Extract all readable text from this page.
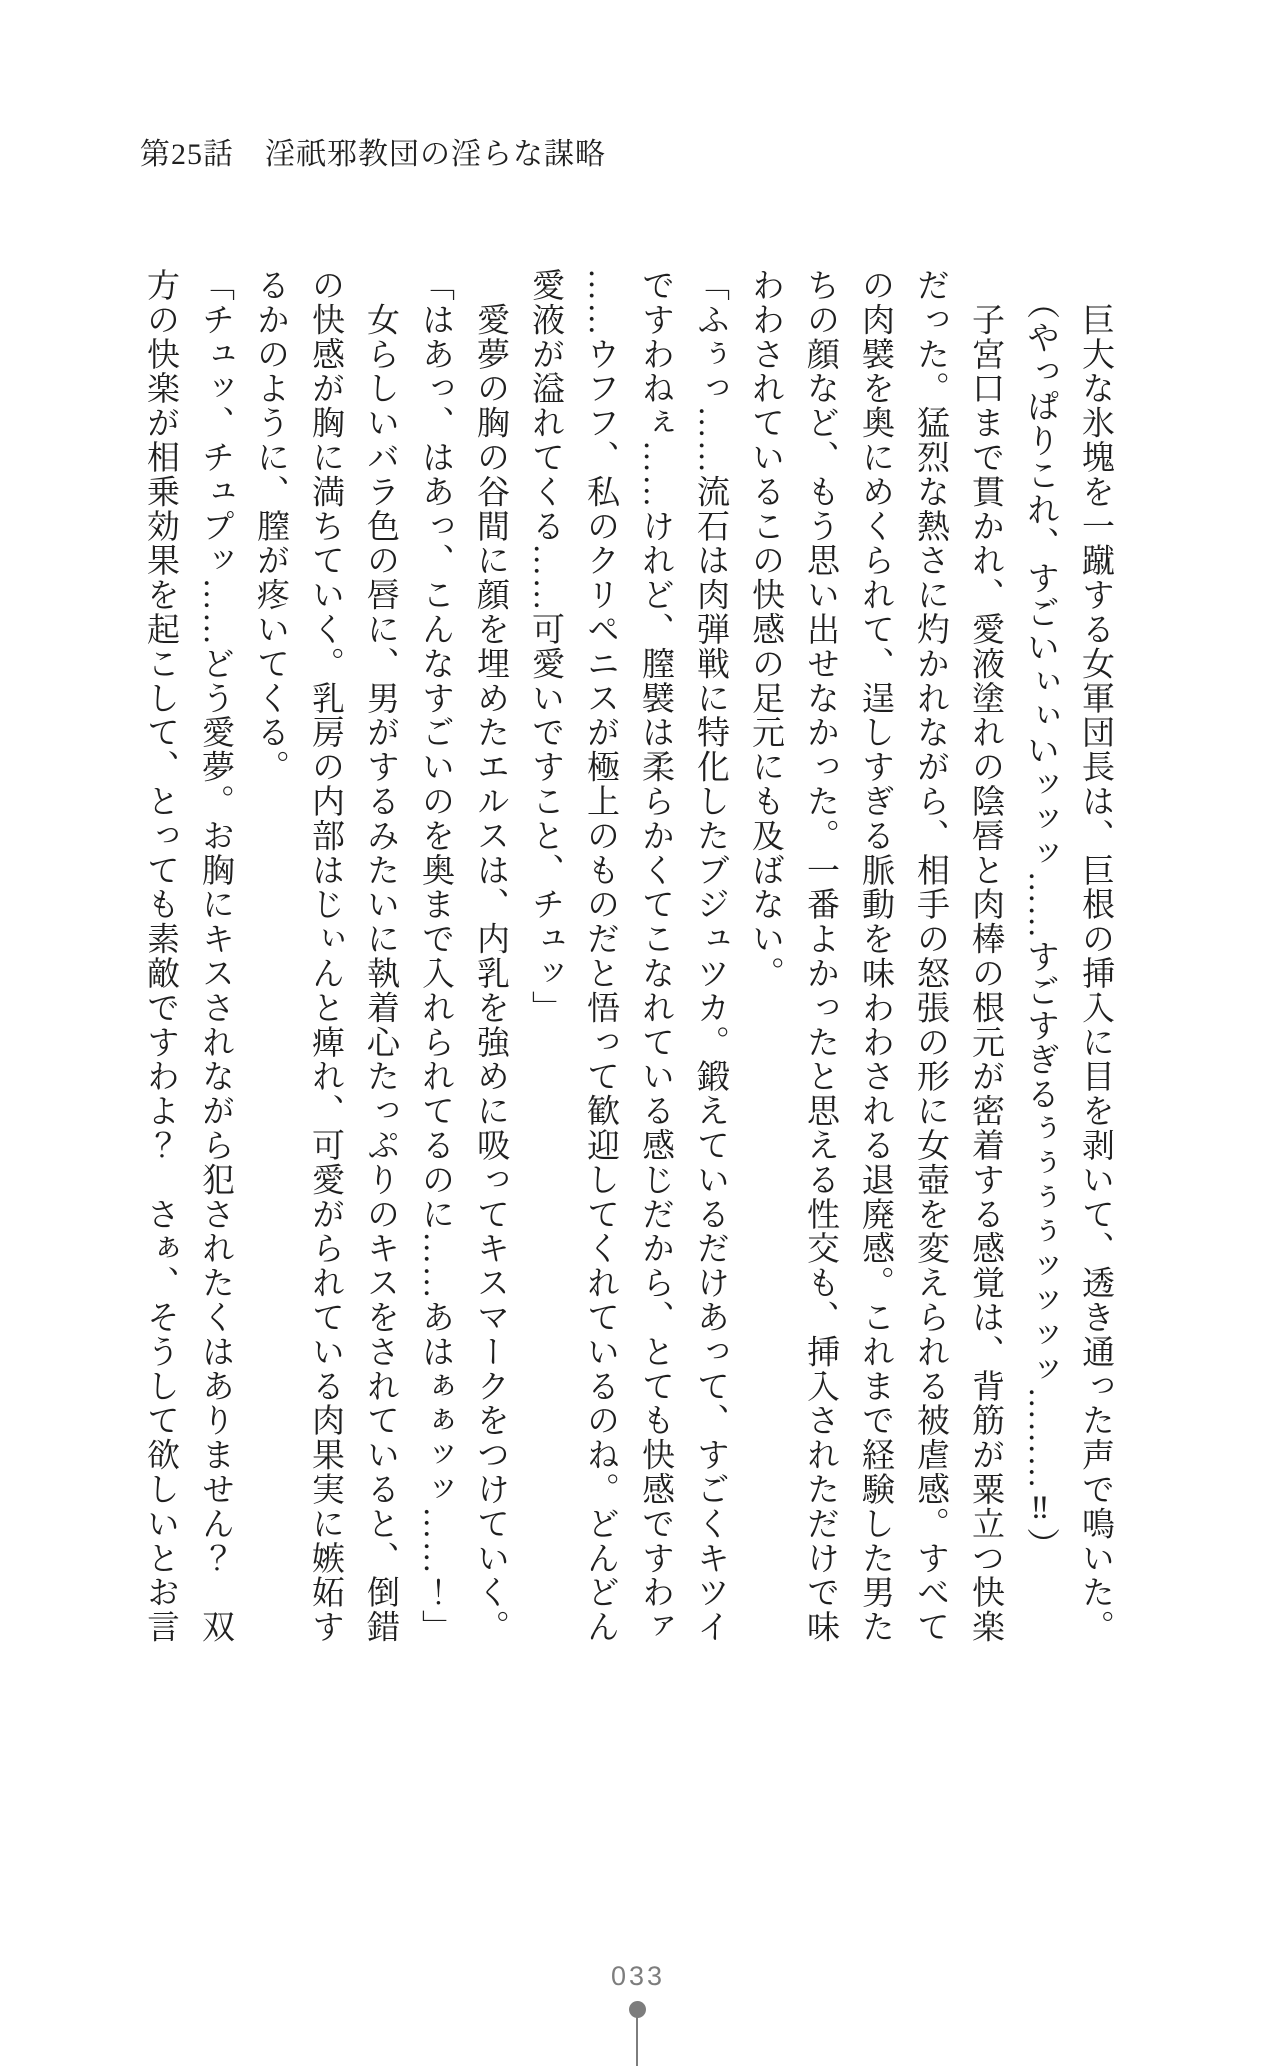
第25話　淫祇邪教団の淫らな謀略
　巨大な氷塊を一蹴する女軍団長は、巨根の挿入に目を剥いて、透き通った声で鳴いた。
　（やっぱりこれ、すごいぃぃいッッッ……すごすぎるぅぅぅぅッッッッ………‼）
　子宮口まで貫かれ、愛液塗れの陰唇と肉棒の根元が密着する感覚は、背筋が粟立つ快楽
だった。猛烈な熱さに灼かれながら、相手の怒張の形に女壺を変えられる被虐感。すべて
の肉襞を奥にめくられて、逞しすぎる脈動を味わわされる退廃感。これまで経験した男た
ちの顔など、もう思い出せなかった。一番よかったと思える性交も、挿入されただけで味
わわされているこの快感の足元にも及ばない。
「ふぅっ……流石は肉弾戦に特化したブジュツカ。鍛えているだけあって、すごくキツイ
ですわねぇ……けれど、膣襞は柔らかくてこなれている感じだから、とても快感ですわァ
……ウフフ、私のクリペニスが極上のものだと悟って歓迎してくれているのね。どんどん
愛液が溢れてくる……可愛いですこと、チュッ」
　愛夢の胸の谷間に顔を埋めたエルスは、内乳を強めに吸ってキスマークをつけていく。
「はあっ、はあっ、こんなすごいのを奥まで入れられてるのに……あはぁぁッッ……！」
　女らしいバラ色の唇に、男がするみたいに執着心たっぷりのキスをされていると、倒錯
の快感が胸に満ちていく。乳房の内部はじぃんと痺れ、可愛がられている肉果実に嫉妬す
るかのように、膣が疼いてくる。
「チュッ、チュプッ……どう愛夢。お胸にキスされながら犯されたくはありません？　双
方の快楽が相乗効果を起こして、とっても素敵ですわよ？　さぁ、そうして欲しいとお言
033
